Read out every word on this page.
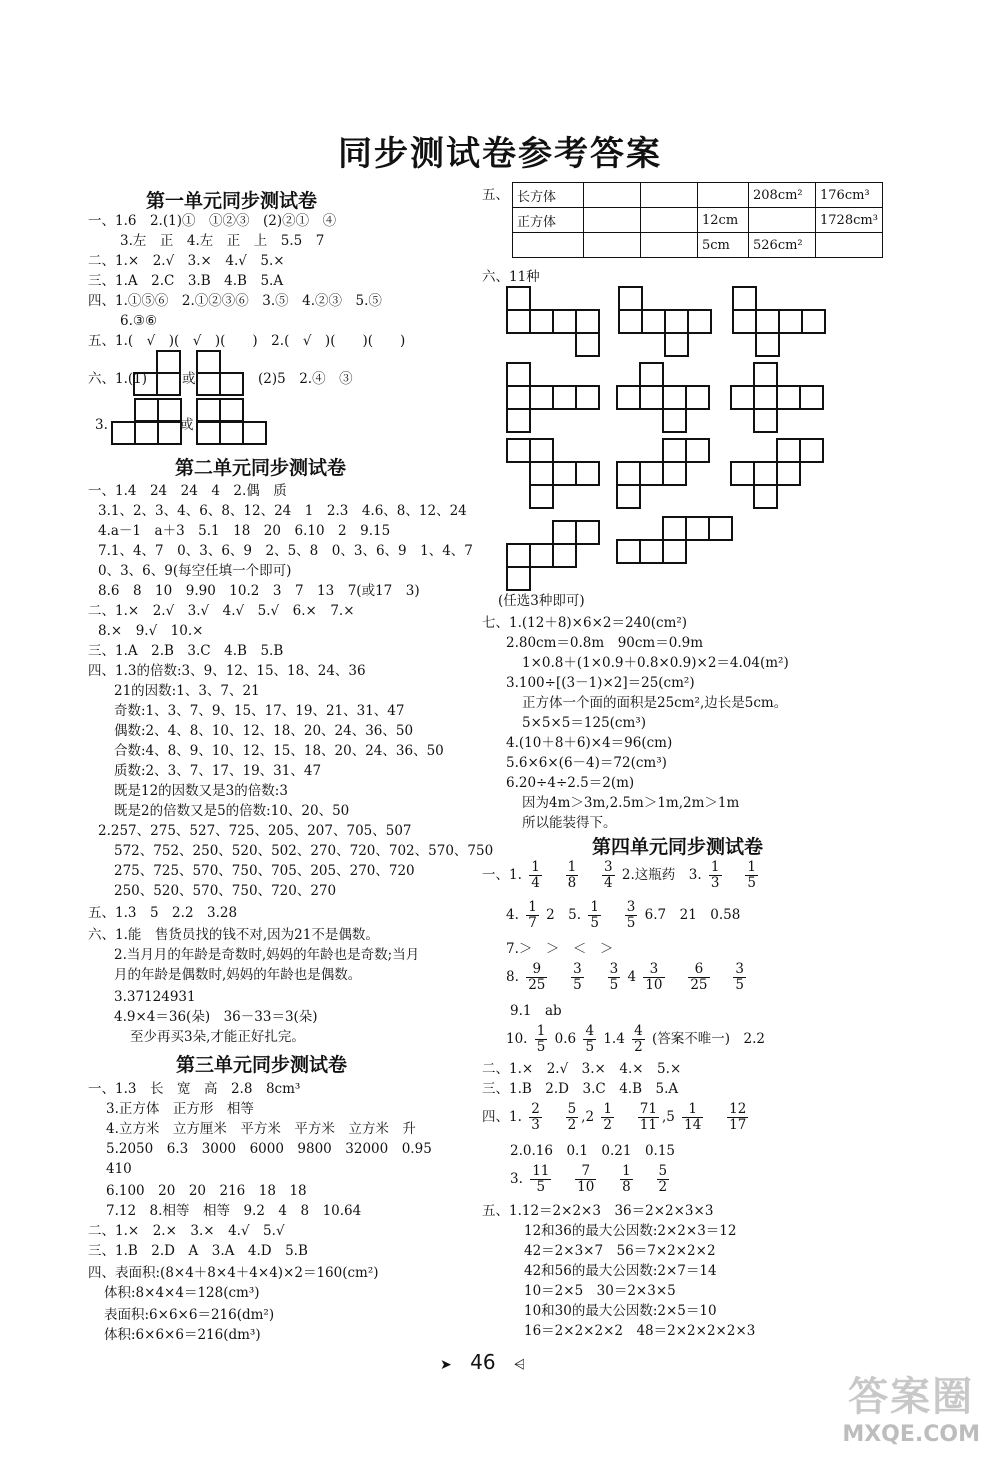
同步测试卷参考答案
第一单元同步测试卷
一、1.6　2.(1)①　①②③　(2)②①　④
3.左　正　4.左　正　上　5.5　7
二、1.×　2.√　3.×　4.√　5.×
三、1.A　2.C　3.B　4.B　5.A
四、1.①⑤⑥　2.①②③⑥　3.⑤　4.②③　5.⑤
6.③⑥
五、1.(　√　)(　√　)(　　)　2.(　√　)(　　)(　　)
六、1.(1)	或	(2)5　2.④　③
3.	或
第二单元同步测试卷
一、1.4　24　24　4　2.偶　质
3.1、2、3、4、6、8、12、24　1　2.3　4.6、8、12、24
4.a－1　a＋3　5.1　18　20　6.10　2　9.15
7.1、4、7　0、3、6、9　2、5、8　0、3、6、9　1、4、7
0、3、6、9(每空任填一个即可)
8.6　8　10　9.90　10.2　3　7　13　7(或17　3)
二、1.×　2.√　3.√　4.√　5.√　6.×　7.×
8.×　9.√　10.×
三、1.A　2.B　3.C　4.B　5.B
四、1.3的倍数:3、9、12、15、18、24、36
21的因数:1、3、7、21
奇数:1、3、7、9、15、17、19、21、31、47
偶数:2、4、8、10、12、18、20、24、36、50
合数:4、8、9、10、12、15、18、20、24、36、50
质数:2、3、7、17、19、31、47
既是12的因数又是3的倍数:3
既是2的倍数又是5的倍数:10、20、50
2.257、275、527、725、205、207、705、507
572、752、250、520、502、270、720、702、570、750
275、725、570、750、705、205、270、720
250、520、570、750、720、270
五、1.3　5　2.2　3.28
六、1.能　售货员找的钱不对,因为21不是偶数。
2.当月月的年龄是奇数时,妈妈的年龄也是奇数;当月
月的年龄是偶数时,妈妈的年龄也是偶数。
3.37124931
4.9×4＝36(朵)　36－33＝3(朵)
至少再买3朵,才能正好扎完。
第三单元同步测试卷
一、1.3　长　宽　高　2.8　8cm³
3.正方体　正方形　相等
4.立方米　立方厘米　平方米　平方米　立方米　升
5.2050　6.3　3000　6000　9800　32000　0.95
410
6.100　20　20　216　18　18
7.12　8.相等　相等　9.2　4　8　10.64
二、1.×　2.×　3.×　4.√　5.√
三、1.B　2.D　A　3.A　4.D　5.B
四、表面积:(8×4＋8×4＋4×4)×2＝160(cm²)
体积:8×4×4＝128(cm³)
表面积:6×6×6＝216(dm²)
体积:6×6×6＝216(dm³)
五、 长方体				208cm²	176cm³
正方体			12cm		1728cm³
			5cm	526cm²	
六、11种
(任选3种即可)
七、1.(12＋8)×6×2＝240(cm²)
2.80cm＝0.8m　90cm＝0.9m
1×0.8＋(1×0.9＋0.8×0.9)×2＝4.04(m²)
3.100÷[(3－1)×2]＝25(cm²)
正方体一个面的面积是25cm²,边长是5cm。
5×5×5＝125(cm³)
4.(10＋8＋6)×4＝96(cm)
5.6×6×(6－4)＝72(cm³)
6.20÷4÷2.5＝2(m)
因为4m＞3m,2.5m＞1m,2m＞1m
所以能装得下。
第四单元同步测试卷
一、1. $\frac{1}{4}$
　 $\frac{1}{8}$
　 $\frac{3}{4} 2$.这瓶药　3. $\frac{1}{3}$
　 $\frac{1}{5}$
4. $\frac{1}{7} 2$　5. $\frac{1}{5}$
　 $\frac{3}{5} 6.7$　21　0.58
7.＞　＞　＜　＞
8. $\frac{9}{25}$
　 $\frac{3}{5}$
　 $\frac{3}{5} 4 \frac{3}{10}$
　 $\frac{6}{25}$
　 $\frac{3}{5}$
9.1　ab
10. $\frac{1}{5} 0.6 \frac{4}{5} 1.4 \frac{4}{2}$ (答案不唯一)　2.2
二、1.×　2.√　3.×　4.×　5.×
三、1.B　2.D　3.C　4.B　5.A
四、1. $\frac{2}{3}$
　 $\frac{5}{2} ,2 \frac{1}{2}$
　 $\frac{71}{11} ,5 \frac{1}{14}$
　 $\frac{12}{17}$
2.0.16　0.1　0.21　0.15
3. $\frac{11}{5}$
　 $\frac{7}{10}$
　 $\frac{1}{8}$
　 $\frac{5}{2}$
五、1.12＝2×2×3　36＝2×2×3×3
12和36的最大公因数:2×2×3＝12
42＝2×3×7　56＝7×2×2×2
42和56的最大公因数:2×7＝14
10＝2×5　30＝2×3×5
10和30的最大公因数:2×5＝10
16＝2×2×2×2　48＝2×2×2×2×3
➤ 46 ⩤
答案圈
MXQE.COM
